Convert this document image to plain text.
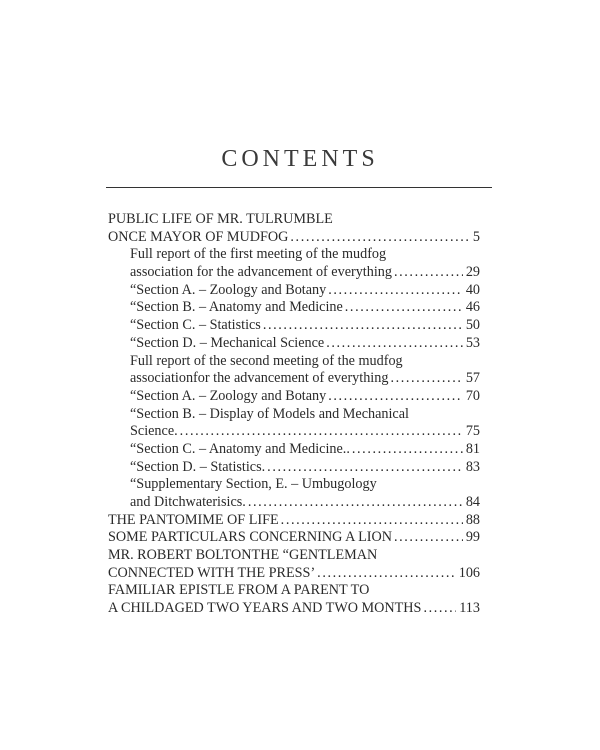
CONTENTS
PUBLIC LIFE OF MR. TULRUMBLE
ONCE MAYOR OF MUDFOG .....	5
Full report of the first meeting of the mudfog
association for the advancement of everything .....	29
“Section A. – Zoology and Botany .....	40
“Section B. – Anatomy and Medicine .....	46
“Section C. – Statistics .....	50
“Section D. – Mechanical Science .....	53
Full report of the second meeting of the mudfog
associationfor the advancement of everything .....	57
“Section A. – Zoology and Botany .....	70
“Section B. – Display of Models and Mechanical
Science. .....	75
“Section C. – Anatomy and Medicine.. .....	81
“Section D. – Statistics. .....	83
“Supplementary Section, E. – Umbugology
and Ditchwaterisics. .....	84
THE PANTOMIME OF LIFE .....	88
SOME PARTICULARS CONCERNING A LION .....	99
MR. ROBERT BOLTONTHE “GENTLEMAN
CONNECTED WITH THE PRESS’ .....	106
FAMILIAR EPISTLE FROM A PARENT TO
A CHILDAGED TWO YEARS AND TWO MONTHS .....	113
